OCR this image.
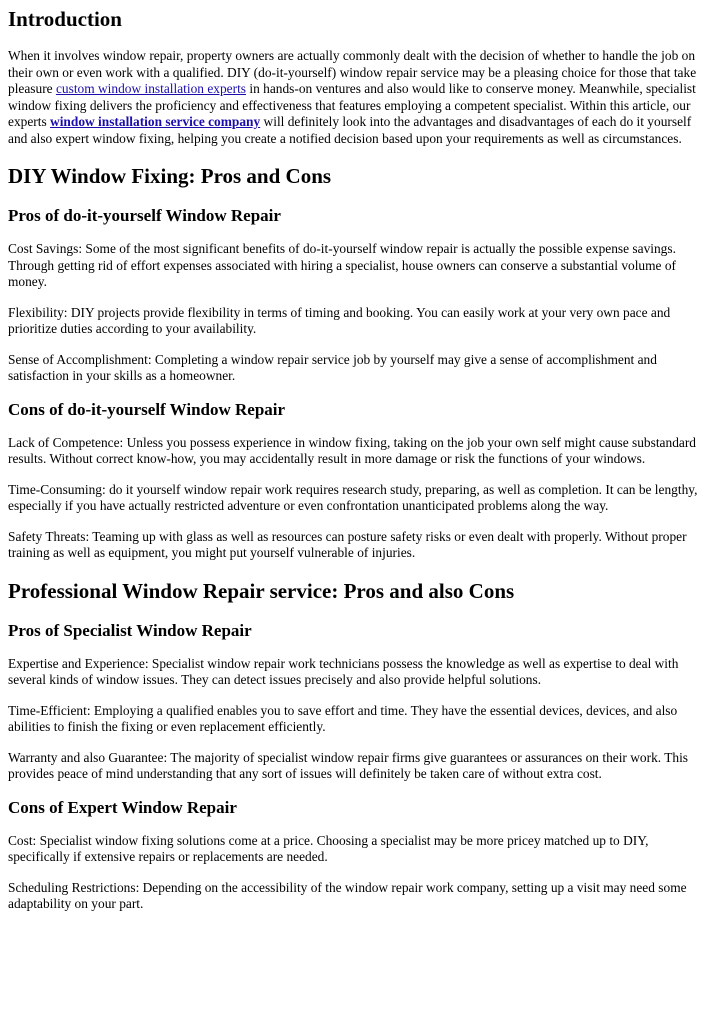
Introduction

When it involves window repair, property owners are actually commonly dealt with the decision of whether to handle the job on their own or even work with a qualified. DIY (do-it-yourself) window repair service may be a pleasing choice for those that take pleasure custom window installation experts in hands-on ventures and also would like to conserve money. Meanwhile, specialist window fixing delivers the proficiency and effectiveness that features employing a competent specialist. Within this article, our experts window installation service company will definitely look into the advantages and disadvantages of each do it yourself and also expert window fixing, helping you create a notified decision based upon your requirements as well as circumstances.

DIY Window Fixing: Pros and Cons
Pros of do-it-yourself Window Repair

Cost Savings: Some of the most significant benefits of do-it-yourself window repair is actually the possible expense savings. Through getting rid of effort expenses associated with hiring a specialist, house owners can conserve a substantial volume of money.

Flexibility: DIY projects provide flexibility in terms of timing and booking. You can easily work at your very own pace and prioritize duties according to your availability.

Sense of Accomplishment: Completing a window repair service job by yourself may give a sense of accomplishment and satisfaction in your skills as a homeowner.

Cons of do-it-yourself Window Repair

Lack of Competence: Unless you possess experience in window fixing, taking on the job your own self might cause substandard results. Without correct know-how, you may accidentally result in more damage or risk the functions of your windows.

Time-Consuming: do it yourself window repair work requires research study, preparing, as well as completion. It can be lengthy, especially if you have actually restricted adventure or even confrontation unanticipated problems along the way.

Safety Threats: Teaming up with glass as well as resources can posture safety risks or even dealt with properly. Without proper training as well as equipment, you might put yourself vulnerable of injuries.

Professional Window Repair service: Pros and also Cons
Pros of Specialist Window Repair

Expertise and Experience: Specialist window repair work technicians possess the knowledge as well as expertise to deal with several kinds of window issues. They can detect issues precisely and also provide helpful solutions.

Time-Efficient: Employing a qualified enables you to save effort and time. They have the essential devices, devices, and also abilities to finish the fixing or even replacement efficiently.

Warranty and also Guarantee: The majority of specialist window repair firms give guarantees or assurances on their work. This provides peace of mind understanding that any sort of issues will definitely be taken care of without extra cost.

Cons of Expert Window Repair

Cost: Specialist window fixing solutions come at a price. Choosing a specialist may be more pricey matched up to DIY, specifically if extensive repairs or replacements are needed.

Scheduling Restrictions: Depending on the accessibility of the window repair work company, setting up a visit may need some adaptability on your part.
